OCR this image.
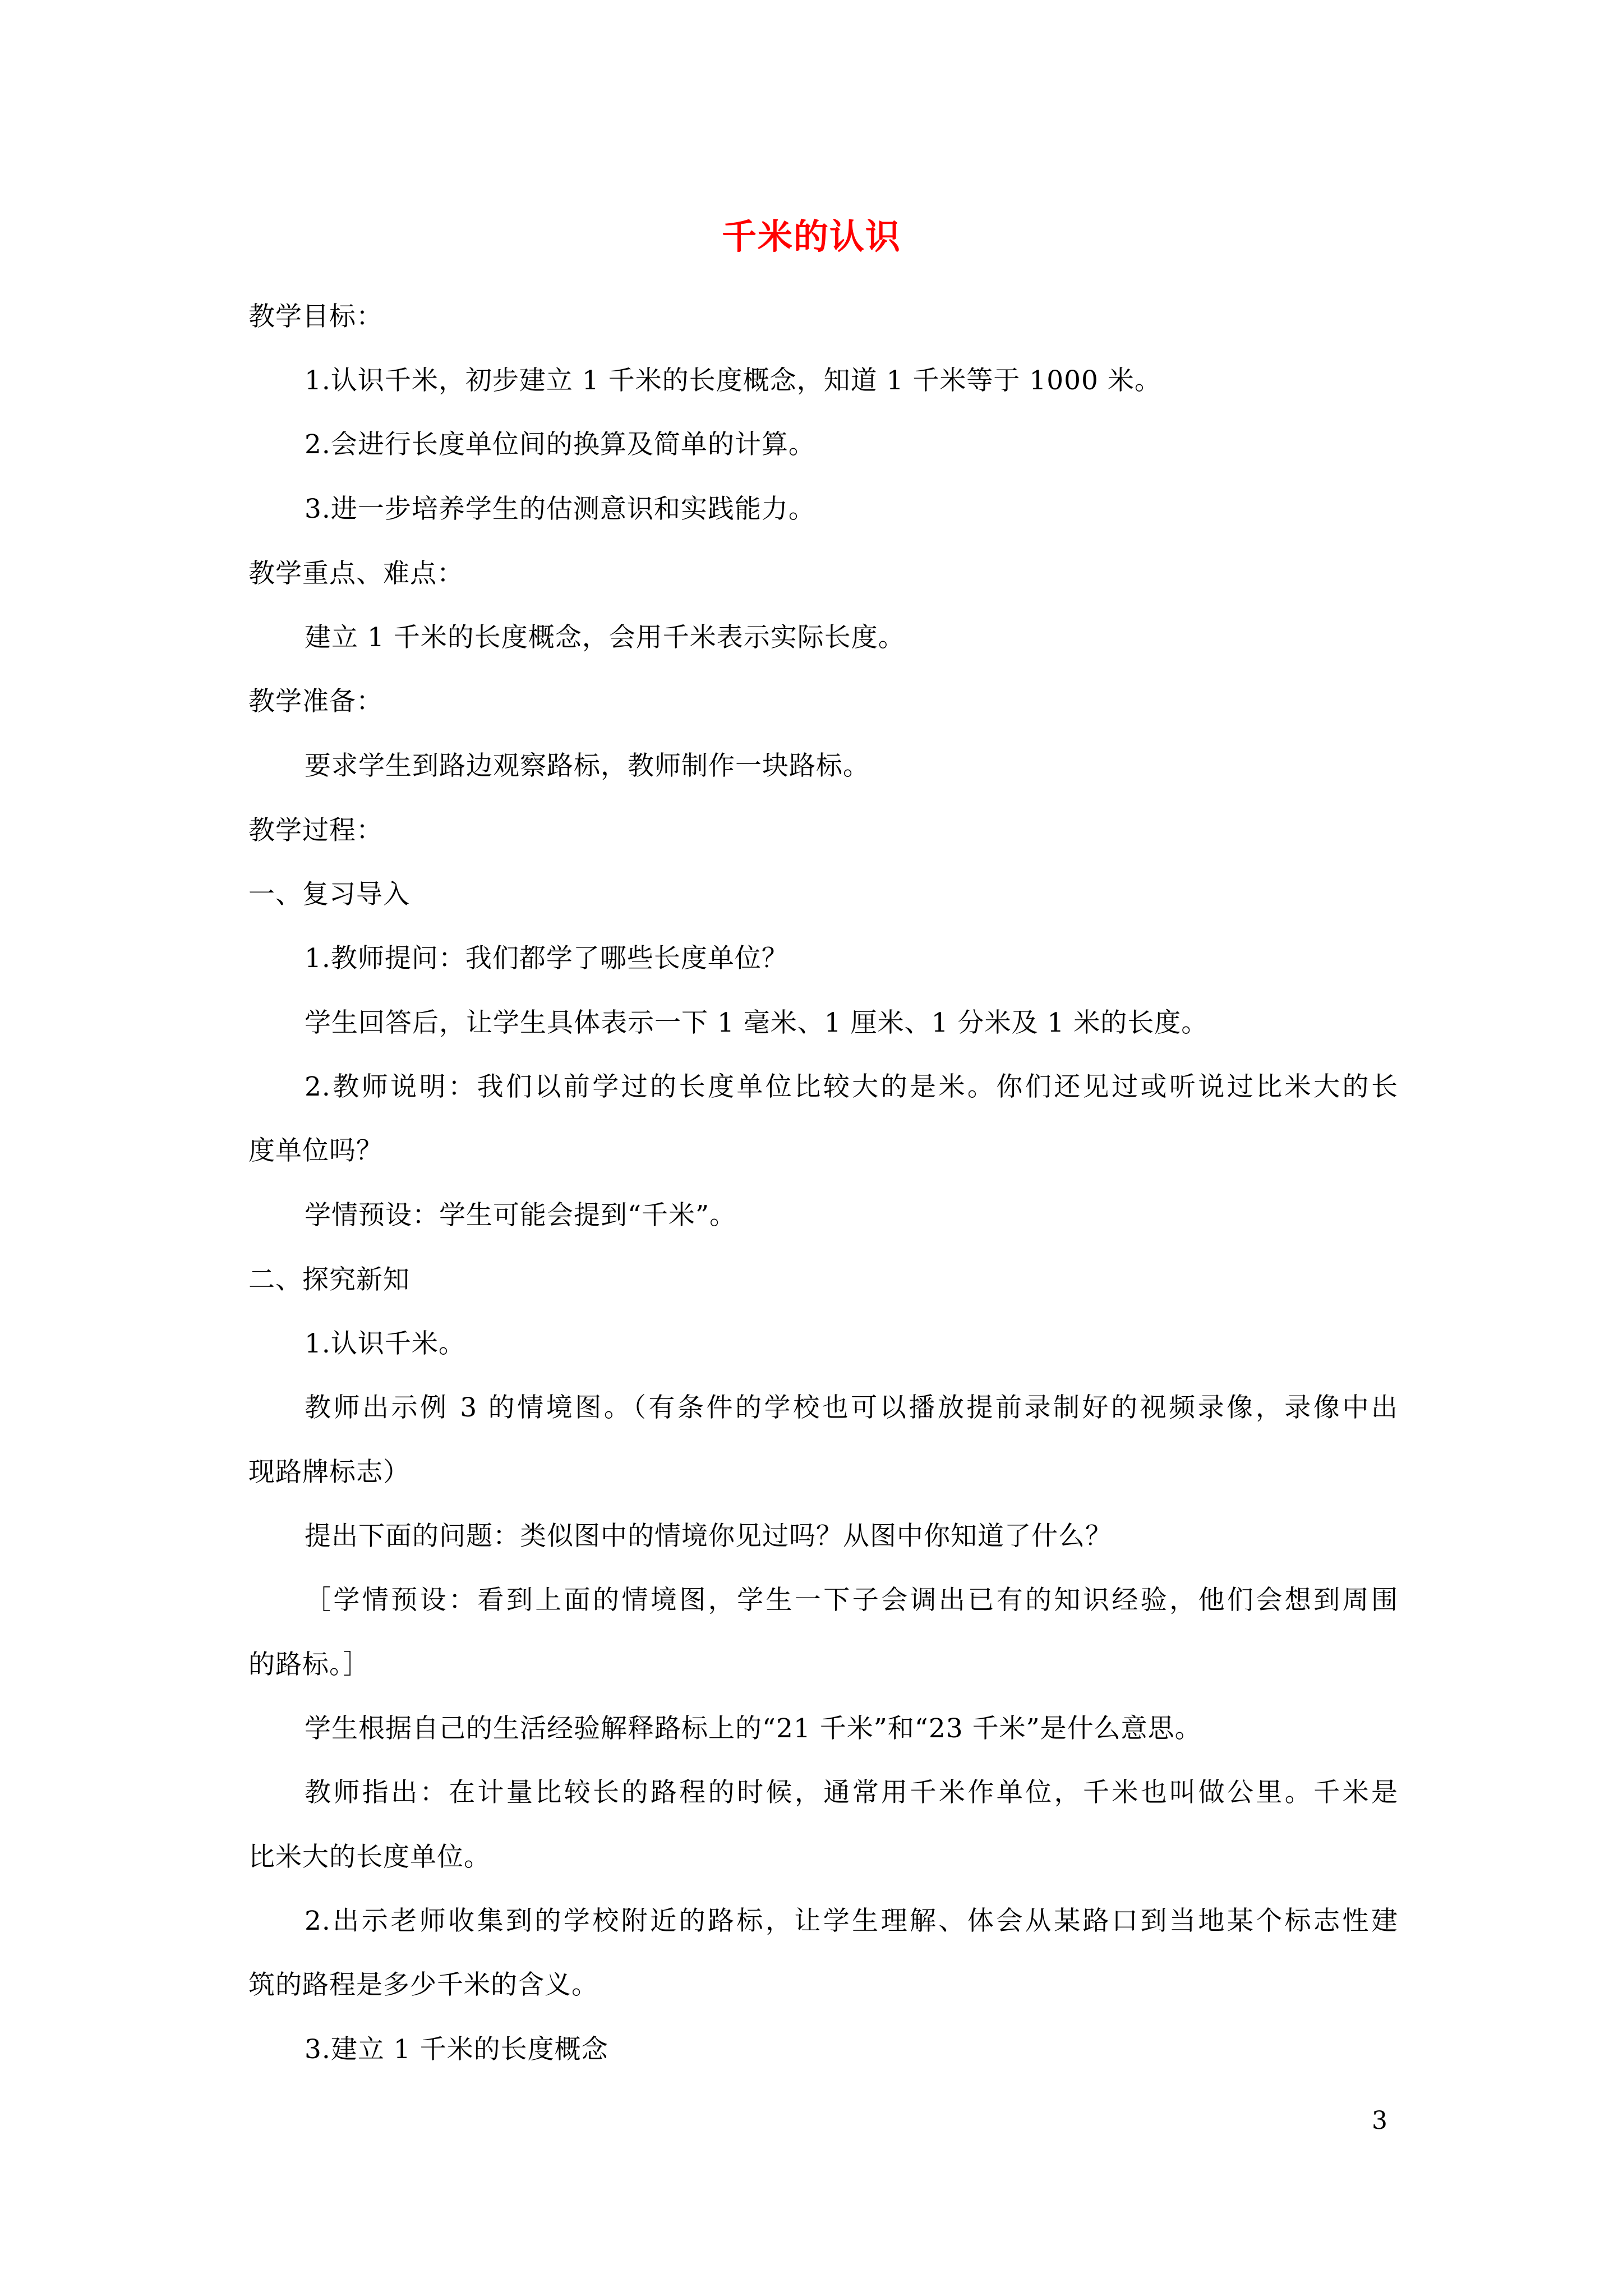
千米的认识
教学目标：
1.认识千米，初步建立 1 千米的长度概念，知道 1 千米等于 1000 米。
2.会进行长度单位间的换算及简单的计算。
3.进一步培养学生的估测意识和实践能力。
教学重点、难点：
建立 1 千米的长度概念，会用千米表示实际长度。
教学准备：
要求学生到路边观察路标，教师制作一块路标。
教学过程：
一、复习导入
1.教师提问：我们都学了哪些长度单位？
学生回答后，让学生具体表示一下 1 毫米、1 厘米、1 分米及 1 米的长度。
2.教师说明：我们以前学过的长度单位比较大的是米。你们还见过或听说过比米大的长
度单位吗？
学情预设：学生可能会提到“千米”。
二、探究新知
1.认识千米。
教师出示例 3 的情境图。（有条件的学校也可以播放提前录制好的视频录像，录像中出
现路牌标志）
提出下面的问题：类似图中的情境你见过吗？从图中你知道了什么？
［学情预设：看到上面的情境图，学生一下子会调出已有的知识经验，他们会想到周围
的路标。］
学生根据自己的生活经验解释路标上的“21 千米”和“23 千米”是什么意思。
教师指出：在计量比较长的路程的时候，通常用千米作单位，千米也叫做公里。千米是
比米大的长度单位。
2.出示老师收集到的学校附近的路标，让学生理解、体会从某路口到当地某个标志性建
筑的路程是多少千米的含义。
3.建立 1 千米的长度概念
3
